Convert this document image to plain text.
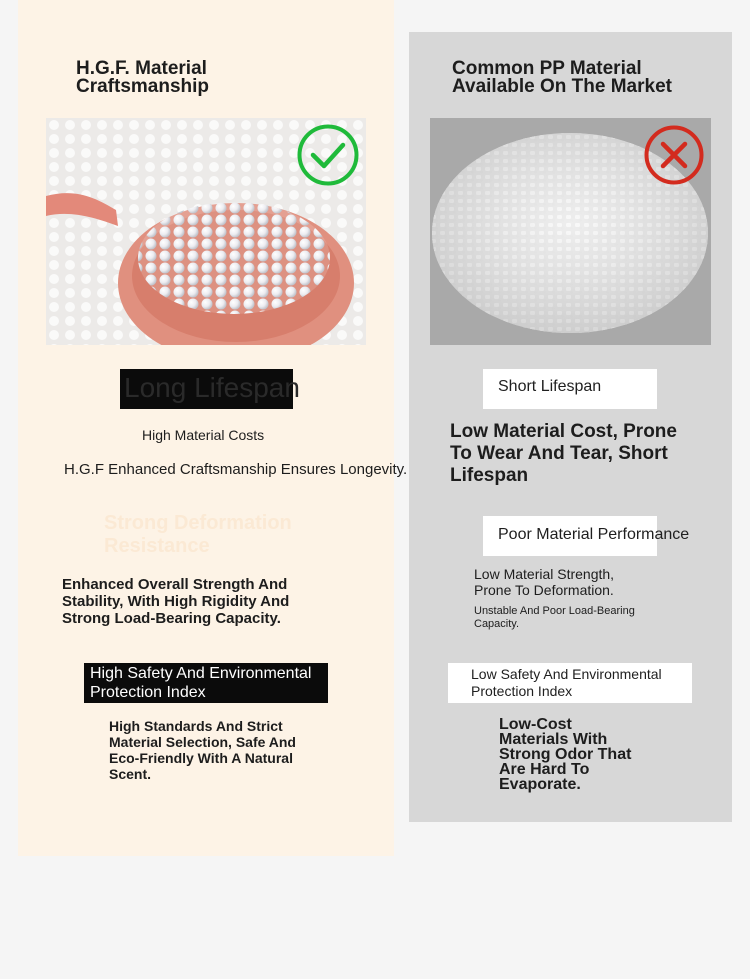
H.G.F. Material Craftsmanship
Long Lifespan
High Material Costs
H.G.F Enhanced Craftsmanship Ensures Longevity.
Strong Deformation Resistance
Enhanced Overall Strength And Stability, With High Rigidity And Strong Load-Bearing Capacity.
High Safety And Environmental Protection Index
High Standards And Strict Material Selection, Safe And Eco-Friendly With A Natural Scent.
Common PP Material Available On The Market
Short Lifespan
Low Material Cost, Prone To Wear And Tear, Short Lifespan
Poor Material Performance
Low Material Strength, Prone To Deformation.
Unstable And Poor Load-Bearing Capacity.
Low Safety And Environmental Protection Index
Low-Cost Materials With Strong Odor That Are Hard To Evaporate.
